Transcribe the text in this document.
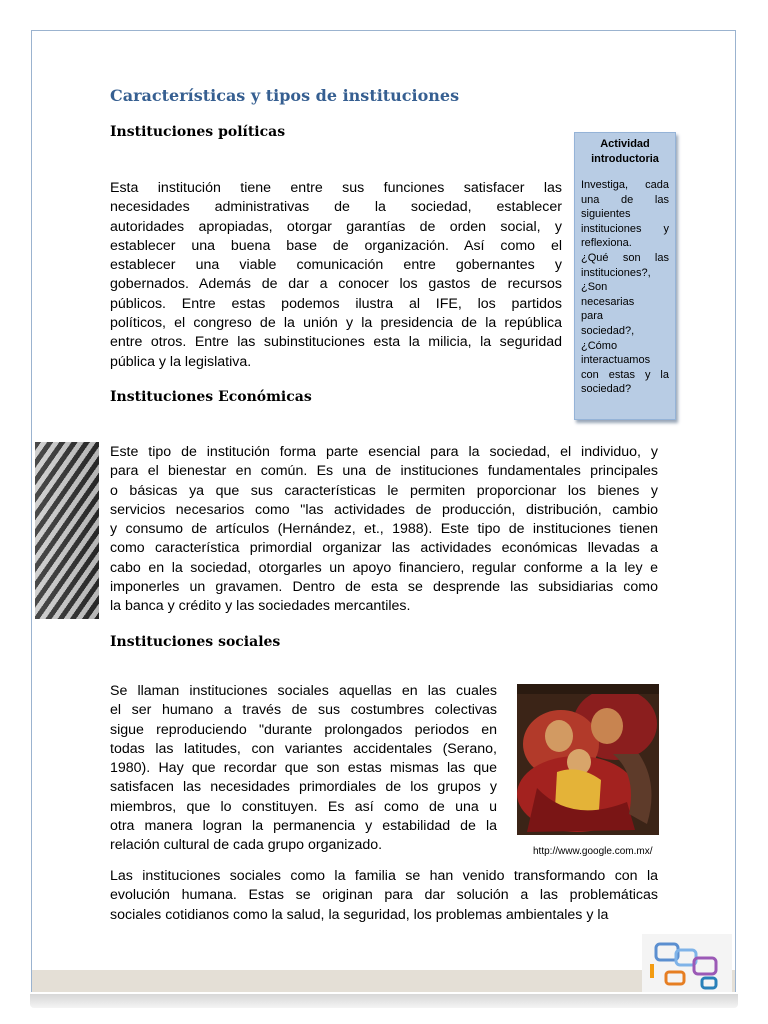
Características y tipos de instituciones
Instituciones políticas
Esta institución tiene entre sus funciones satisfacer las
necesidades administrativas de la sociedad, establecer
autoridades apropiadas, otorgar garantías de orden social, y
establecer una buena base de organización. Así como el
establecer una viable comunicación entre gobernantes y
gobernados. Además de dar a conocer los gastos de recursos
públicos. Entre estas podemos ilustra al IFE, los partidos
políticos, el congreso de la unión y la presidencia de la república
entre otros. Entre las subinstituciones esta la milicia, la seguridad
pública y la legislativa.
Instituciones Económicas
Este tipo de institución forma parte esencial para la sociedad, el individuo, y
para el bienestar en común. Es una de instituciones fundamentales principales
o básicas ya que sus características le permiten proporcionar los bienes y
servicios necesarios como "las actividades de producción, distribución, cambio
y consumo de artículos (Hernández, et., 1988). Este tipo de instituciones tienen
como característica primordial organizar las actividades económicas llevadas a
cabo en la sociedad, otorgarles un apoyo financiero, regular conforme a la ley e
imponerles un gravamen. Dentro de esta se desprende las subsidiarias como
la banca y crédito y las sociedades mercantiles.
Instituciones sociales
Se llaman instituciones sociales aquellas en las cuales
el ser humano a través de sus costumbres colectivas
sigue reproduciendo "durante prolongados periodos en
todas las latitudes, con variantes accidentales (Serano,
1980). Hay que recordar que son estas mismas las que
satisfacen las necesidades primordiales de los grupos y
miembros, que lo constituyen. Es así como de una u
otra manera logran la permanencia y estabilidad de la
relación cultural de cada grupo organizado.
Las instituciones sociales como la familia se han venido transformando con la
evolución humana. Estas se originan para dar solución a las problemáticas
sociales cotidianos como la salud, la seguridad, los problemas ambientales y la
Actividad
introductoria
Investiga, cada
una de las
siguientes
instituciones y
reflexiona.
¿Qué son las
instituciones?,
¿Son
necesarias
para
sociedad?,
¿Cómo
interactuamos
con estas y la
sociedad?

http://www.google.com.mx/
